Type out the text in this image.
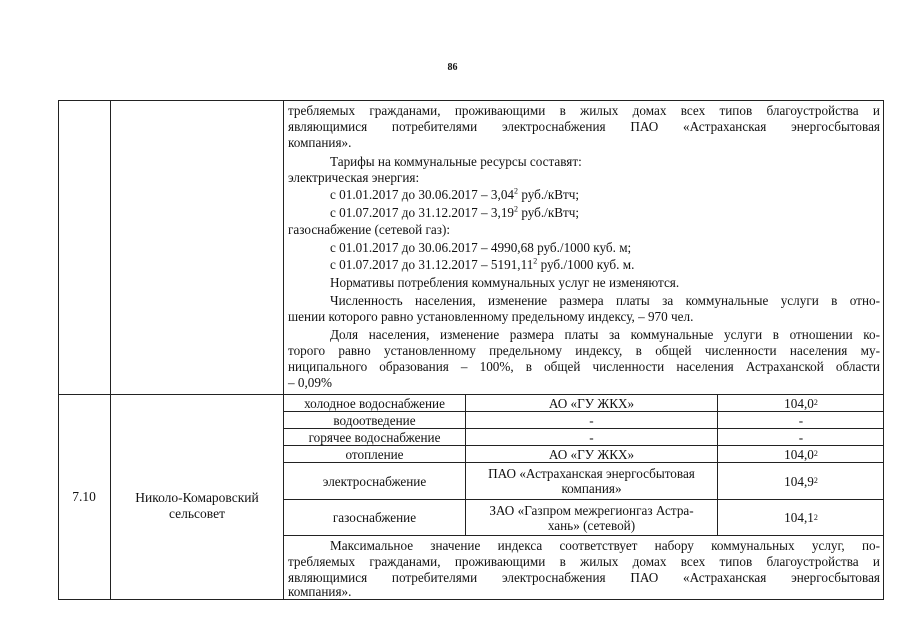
86
требляемых гражданами, проживающими в жилых домах всех типов благоустройства и
являющимися потребителями электроснабжения ПАО «Астраханская энергосбытовая
компания».
Тарифы на коммунальные ресурсы составят:
электрическая энергия:
с 01.01.2017 до 30.06.2017 – 3,04$^2$ руб./кВтч;
с 01.07.2017 до 31.12.2017 – 3,19$^2$ руб./кВтч;
газоснабжение (сетевой газ):
с 01.01.2017 до 30.06.2017 – 4990,68 руб./1000 куб. м;
с 01.07.2017 до 31.12.2017 – 5191,11$^2$ руб./1000 куб. м.
Нормативы потребления коммунальных услуг не изменяются.
Численность населения, изменение размера платы за коммунальные услуги в отно-
шении которого равно установленному предельному индексу, – 970 чел.
Доля населения, изменение размера платы за коммунальные услуги в отношении ко-
торого равно установленному предельному индексу, в общей численности населения му-
ниципального образования – 100%, в общей численности населения Астраханской области
– 0,09%
7.10	Николо-Комаровский
сельсовет
холодное водоснабжение	АО «ГУ ЖКХ»	104,0 2
водоотведение	-	-
горячее водоснабжение	-	-
отопление	АО «ГУ ЖКХ»	104,0 2
электроснабжение	ПАО «Астраханская энергосбытовая
компания»	104,9 2
газоснабжение	ЗАО «Газпром межрегионгаз Астра-
хань» (сетевой)	104,1 2
Максимальное значение индекса соответствует набору коммунальных услуг, по-
требляемых гражданами, проживающими в жилых домах всех типов благоустройства и
являющимися потребителями электроснабжения ПАО «Астраханская энергосбытовая
компания».
